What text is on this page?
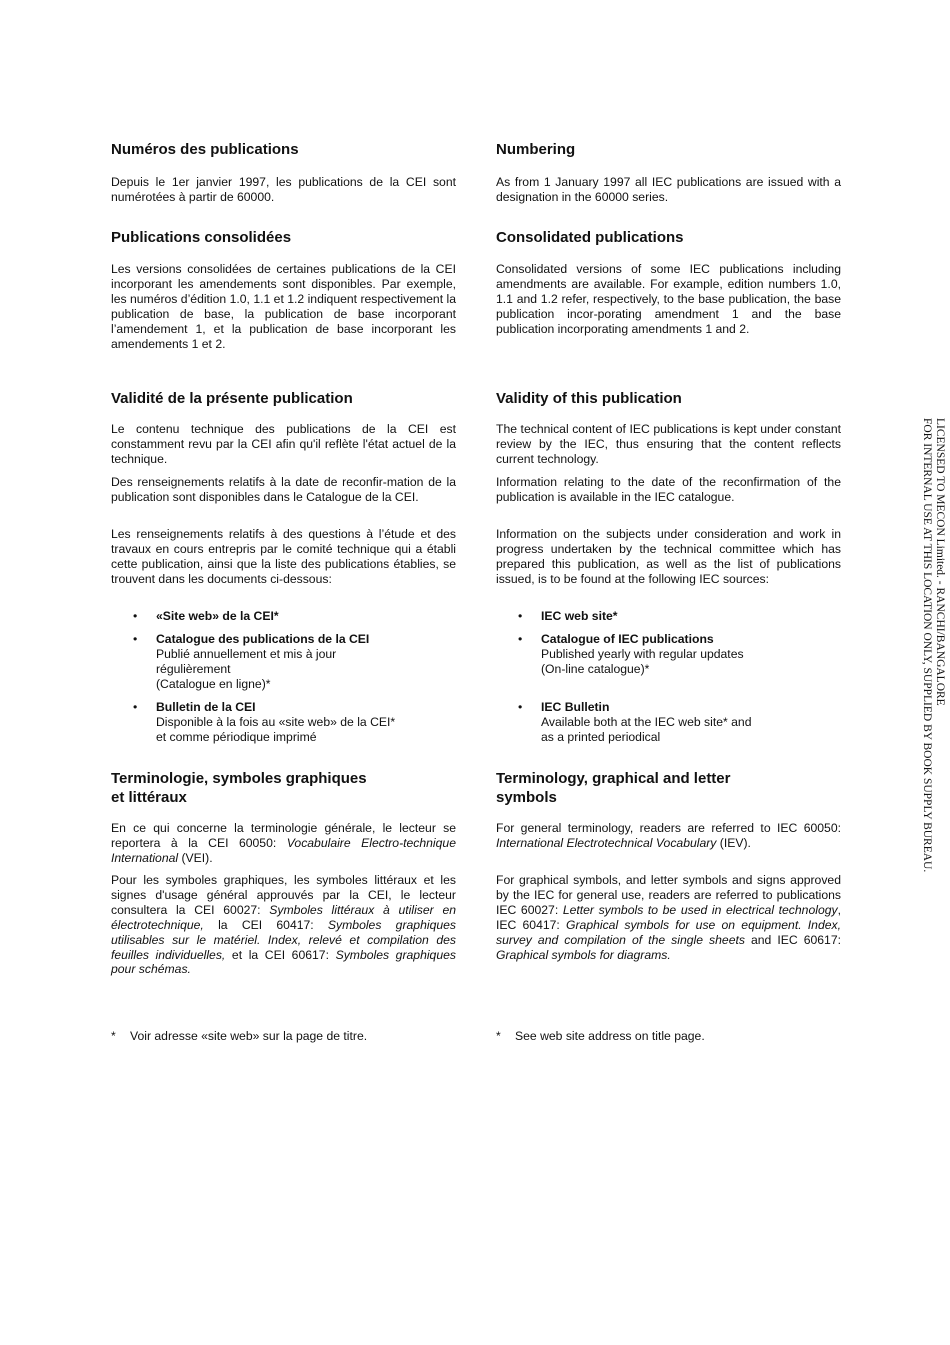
Numéros des publications

Depuis le 1er janvier 1997, les publications de la CEI sont numérotées à partir de 60000.

Publications consolidées

Les versions consolidées de certaines publications de la CEI incorporant les amendements sont disponibles. Par exemple, les numéros d’édition 1.0, 1.1 et 1.2 indiquent respectivement la publication de base, la publication de base incorporant l’amendement 1, et la publication de base incorporant les amendements 1 et 2.

Validité de la présente publication

Le contenu technique des publications de la CEI est constamment revu par la CEI afin qu'il reflète l'état actuel de la technique.

Des renseignements relatifs à la date de reconfir-mation de la publication sont disponibles dans le Catalogue de la CEI.

Les renseignements relatifs à des questions à l’étude et des travaux en cours entrepris par le comité technique qui a établi cette publication, ainsi que la liste des publications établies, se trouvent dans les documents ci-dessous:

• «Site web» de la CEI*
• Catalogue des publications de la CEI
Publié annuellement et mis à jour
régulièrement
(Catalogue en ligne)*
• Bulletin de la CEI
Disponible à la fois au «site web» de la CEI*
et comme périodique imprimé
Terminologie, symboles graphiques
et littéraux

En ce qui concerne la terminologie générale, le lecteur se reportera à la CEI 60050: Vocabulaire Electro-technique International (VEI).

Pour les symboles graphiques, les symboles littéraux et les signes d'usage général approuvés par la CEI, le lecteur consultera la CEI 60027: Symboles littéraux à utiliser en électrotechnique, la CEI 60417: Symboles graphiques utilisables sur le matériel. Index, relevé et compilation des feuilles individuelles, et la CEI 60617: Symboles graphiques pour schémas.

Numbering

As from 1 January 1997 all IEC publications are issued with a designation in the 60000 series.

Consolidated publications

Consolidated versions of some IEC publications including amendments are available. For example, edition numbers 1.0, 1.1 and 1.2 refer, respectively, to the base publication, the base publication incor-porating amendment 1 and the base publication incorporating amendments 1 and 2.

Validity of this publication

The technical content of IEC publications is kept under constant review by the IEC, thus ensuring that the content reflects current technology.

Information relating to the date of the reconfirmation of the publication is available in the IEC catalogue.

Information on the subjects under consideration and work in progress undertaken by the technical committee which has prepared this publication, as well as the list of publications issued, is to be found at the following IEC sources:

• IEC web site*
• Catalogue of IEC publications
Published yearly with regular updates
(On-line catalogue)*
• IEC Bulletin
Available both at the IEC web site* and
as a printed periodical
Terminology, graphical and letter
symbols

For general terminology, readers are referred to IEC 60050: International Electrotechnical Vocabulary (IEV).

For graphical symbols, and letter symbols and signs approved by the IEC for general use, readers are referred to publications IEC 60027: Letter symbols to be used in electrical technology, IEC 60417: Graphical symbols for use on equipment. Index, survey and compilation of the single sheets and IEC 60617: Graphical symbols for diagrams.

* Voir adresse «site web» sur la page de titre.	* See web site address on title page.
LICENSED TO MECON Limited. - RANCHI/BANGALORE
FOR INTERNAL USE AT THIS LOCATION ONLY, SUPPLIED BY BOOK SUPPLY BUREAU.
